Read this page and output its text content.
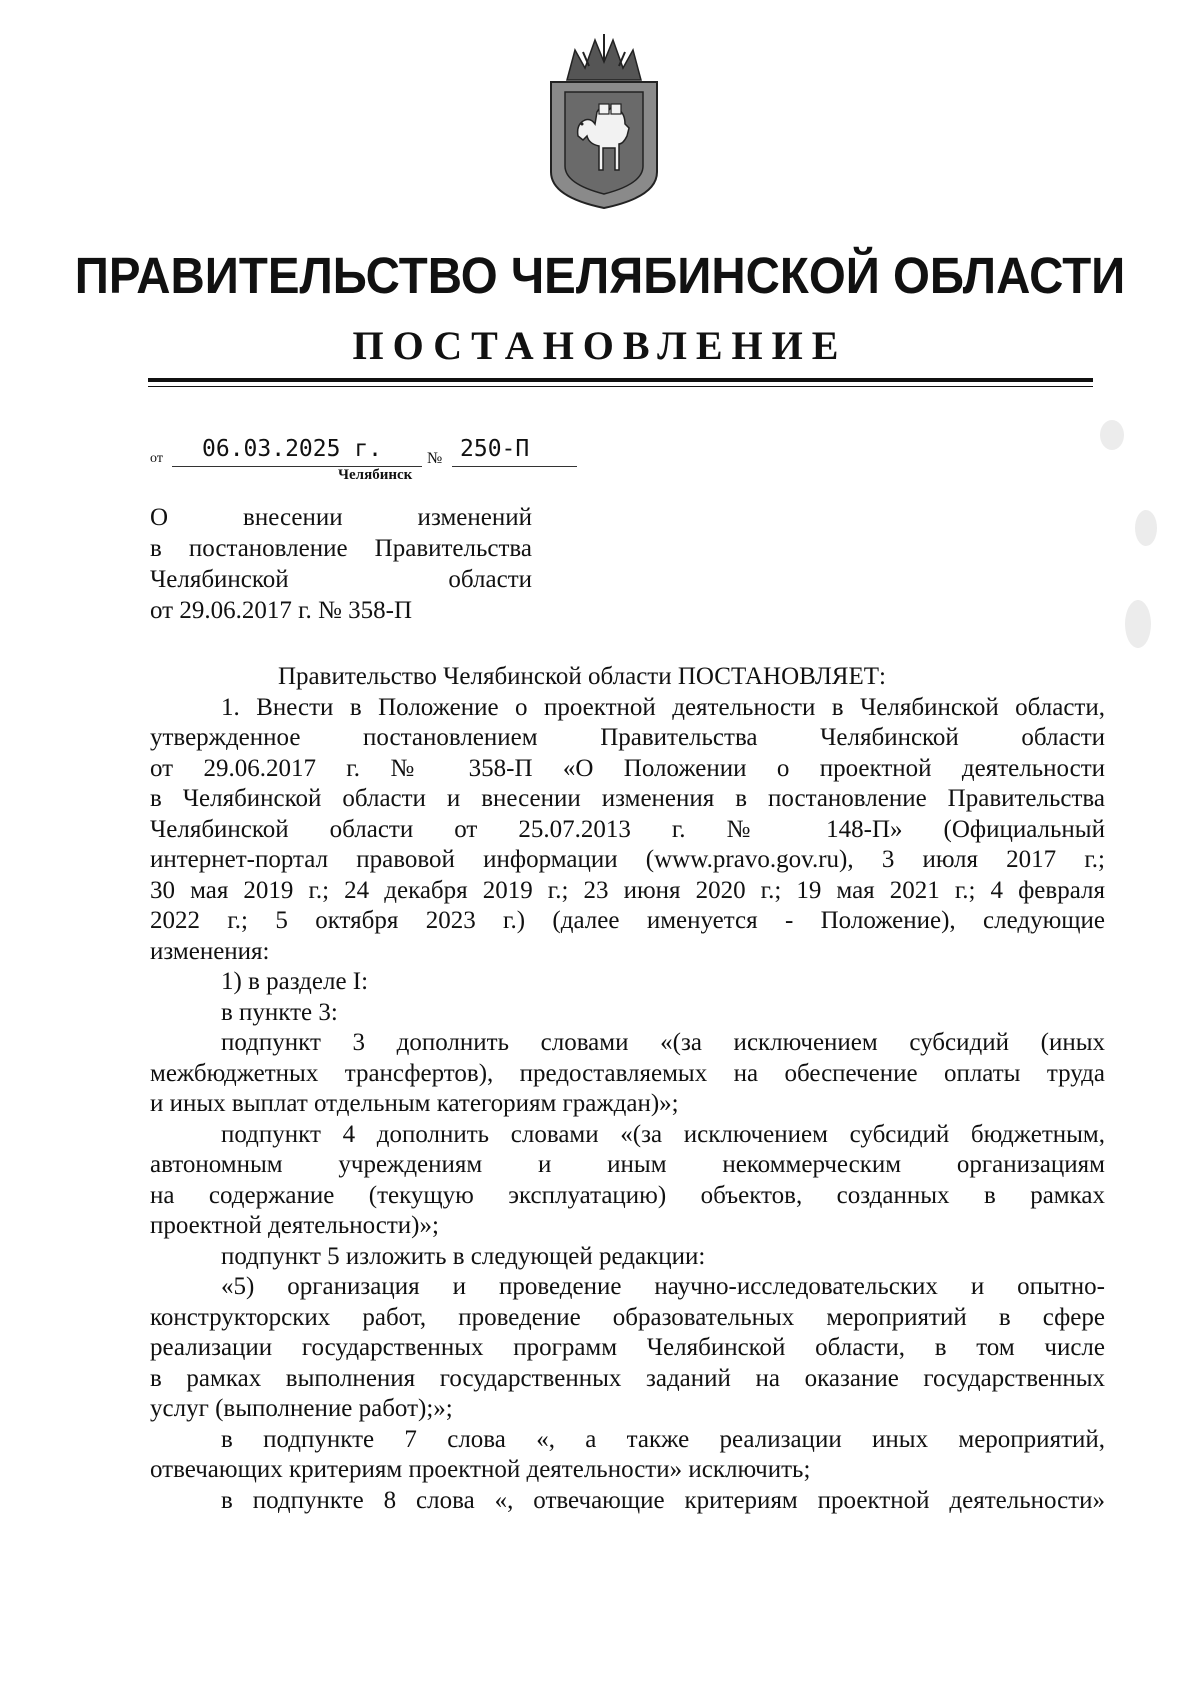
ПРАВИТЕЛЬСТВО ЧЕЛЯБИНСКОЙ ОБЛАСТИ
ПОСТАНОВЛЕНИЕ
от 06.03.2025 г.	№ 250-П
Челябинск
О внесении изменений
в постановление Правительства
Челябинской области
от 29.06.2017 г. № 358-П
Правительство Челябинской области ПОСТАНОВЛЯЕТ:
1. Внести в Положение о проектной деятельности в Челябинской области,
утвержденное постановлением Правительства Челябинской области
от 29.06.2017 г. № 358-П «О Положении о проектной деятельности
в Челябинской области и внесении изменения в постановление Правительства
Челябинской области от 25.07.2013 г. № 148-П» (Официальный
интернет-портал правовой информации (www.pravo.gov.ru), 3 июля 2017 г.;
30 мая 2019 г.; 24 декабря 2019 г.; 23 июня 2020 г.; 19 мая 2021 г.; 4 февраля
2022 г.; 5 октября 2023 г.) (далее именуется - Положение), следующие
изменения:
1) в разделе I:
в пункте 3:
подпункт 3 дополнить словами «(за исключением субсидий (иных
межбюджетных трансфертов), предоставляемых на обеспечение оплаты труда
и иных выплат отдельным категориям граждан)»;
подпункт 4 дополнить словами «(за исключением субсидий бюджетным,
автономным учреждениям и иным некоммерческим организациям
на содержание (текущую эксплуатацию) объектов, созданных в рамках
проектной деятельности)»;
подпункт 5 изложить в следующей редакции:
«5) организация и проведение научно-исследовательских и опытно-
конструкторских работ, проведение образовательных мероприятий в сфере
реализации государственных программ Челябинской области, в том числе
в рамках выполнения государственных заданий на оказание государственных
услуг (выполнение работ);»;
в подпункте 7 слова «, а также реализации иных мероприятий,
отвечающих критериям проектной деятельности» исключить;
в подпункте 8 слова «, отвечающие критериям проектной деятельности»
